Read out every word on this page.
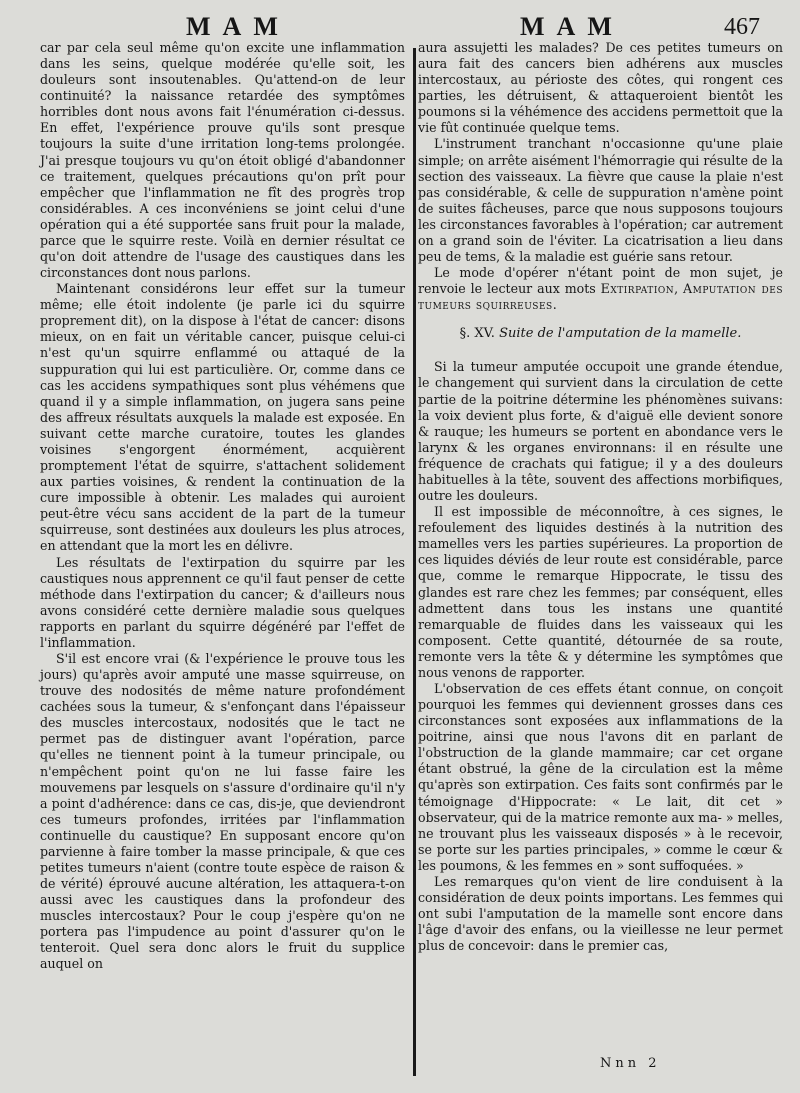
MAM	MAM	467

car par cela seul même qu'on excite une inflammation dans les seins, quelque modérée qu'elle soit, les douleurs sont insoutenables. Qu'attend-on de leur continuité? la naissance retardée des symptômes horribles dont nous avons fait l'énumération ci-dessus. En effet, l'expérience prouve qu'ils sont presque toujours la suite d'une irritation long-tems prolongée. J'ai presque toujours vu qu'on étoit obligé d'abandonner ce traitement, quelques précautions qu'on prît pour empêcher que l'inflammation ne fît des progrès trop considérables. A ces inconvéniens se joint celui d'une opération qui a été supportée sans fruit pour la malade, parce que le squirre reste. Voilà en dernier résultat ce qu'on doit attendre de l'usage des caustiques dans les circonstances dont nous parlons.

Maintenant considérons leur effet sur la tumeur même; elle étoit indolente (je parle ici du squirre proprement dit), on la dispose à l'état de cancer: disons mieux, on en fait un véritable cancer, puisque celui-ci n'est qu'un squirre enflammé ou attaqué de la suppuration qui lui est particulière. Or, comme dans ce cas les accidens sympathiques sont plus véhémens que quand il y a simple inflammation, on jugera sans peine des affreux résultats auxquels la malade est exposée. En suivant cette marche curatoire, toutes les glandes voisines s'engorgent énormément, acquièrent promptement l'état de squirre, s'attachent solidement aux parties voisines, & rendent la continuation de la cure impossible à obtenir. Les malades qui auroient peut-être vécu sans accident de la part de la tumeur squirreuse, sont destinées aux douleurs les plus atroces, en attendant que la mort les en délivre.

Les résultats de l'extirpation du squirre par les caustiques nous apprennent ce qu'il faut penser de cette méthode dans l'extirpation du cancer; & d'ailleurs nous avons considéré cette dernière maladie sous quelques rapports en parlant du squirre dégénéré par l'effet de l'inflammation.

S'il est encore vrai (& l'expérience le prouve tous les jours) qu'après avoir amputé une masse squirreuse, on trouve des nodosités de même nature profondément cachées sous la tumeur, & s'enfonçant dans l'épaisseur des muscles intercostaux, nodosités que le tact ne permet pas de distinguer avant l'opération, parce qu'elles ne tiennent point à la tumeur principale, ou n'empêchent point qu'on ne lui fasse faire les mouvemens par lesquels on s'assure d'ordinaire qu'il n'y a point d'adhérence: dans ce cas, dis-je, que deviendront ces tumeurs profondes, irritées par l'inflammation continuelle du caustique? En supposant encore qu'on parvienne à faire tomber la masse principale, & que ces petites tumeurs n'aient (contre toute espèce de raison & de vérité) éprouvé aucune altération, les attaquera-t-on aussi avec les caustiques dans la profondeur des muscles intercostaux? Pour le coup j'espère qu'on ne portera pas l'impudence au point d'assurer qu'on le tenteroit. Quel sera donc alors le fruit du supplice auquel on

aura assujetti les malades? De ces petites tumeurs on aura fait des cancers bien adhérens aux muscles intercostaux, au périoste des côtes, qui rongent ces parties, les détruisent, & attaqueroient bientôt les poumons si la véhémence des accidens permettoit que la vie fût continuée quelque tems.

L'instrument tranchant n'occasionne qu'une plaie simple; on arrête aisément l'hémorragie qui résulte de la section des vaisseaux. La fièvre que cause la plaie n'est pas considérable, & celle de suppuration n'amène point de suites fâcheuses, parce que nous supposons toujours les circonstances favorables à l'opération; car autrement on a grand soin de l'éviter. La cicatrisation a lieu dans peu de tems, & la maladie est guérie sans retour.

Le mode d'opérer n'étant point de mon sujet, je renvoie le lecteur aux mots Extirpation, Amputation des tumeurs squirreuses.

§. XV. Suite de l'amputation de la mamelle.

Si la tumeur amputée occupoit une grande étendue, le changement qui survient dans la circulation de cette partie de la poitrine détermine les phénomènes suivans: la voix devient plus forte, & d'aiguë elle devient sonore & rauque; les humeurs se portent en abondance vers le larynx & les organes environnans: il en résulte une fréquence de crachats qui fatigue; il y a des douleurs habituelles à la tête, souvent des affections morbifiques, outre les douleurs.

Il est impossible de méconnoître, à ces signes, le refoulement des liquides destinés à la nutrition des mamelles vers les parties supérieures. La proportion de ces liquides déviés de leur route est considérable, parce que, comme le remarque Hippocrate, le tissu des glandes est rare chez les femmes; par conséquent, elles admettent dans tous les instans une quantité remarquable de fluides dans les vaisseaux qui les composent. Cette quantité, détournée de sa route, remonte vers la tête & y détermine les symptômes que nous venons de rapporter.

L'observation de ces effets étant connue, on conçoit pourquoi les femmes qui deviennent grosses dans ces circonstances sont exposées aux inflammations de la poitrine, ainsi que nous l'avons dit en parlant de l'obstruction de la glande mammaire; car cet organe étant obstrué, la gêne de la circulation est la même qu'après son extirpation. Ces faits sont confirmés par le témoignage d'Hippocrate: « Le lait, dit cet » observateur, qui de la matrice remonte aux ma- » melles, ne trouvant plus les vaisseaux disposés » à le recevoir, se porte sur les parties principales, » comme le cœur & les poumons, & les femmes en » sont suffoquées. »

Les remarques qu'on vient de lire conduisent à la considération de deux points importans. Les femmes qui ont subi l'amputation de la mamelle sont encore dans l'âge d'avoir des enfans, ou la vieillesse ne leur permet plus de concevoir: dans le premier cas,

Nnn 2
